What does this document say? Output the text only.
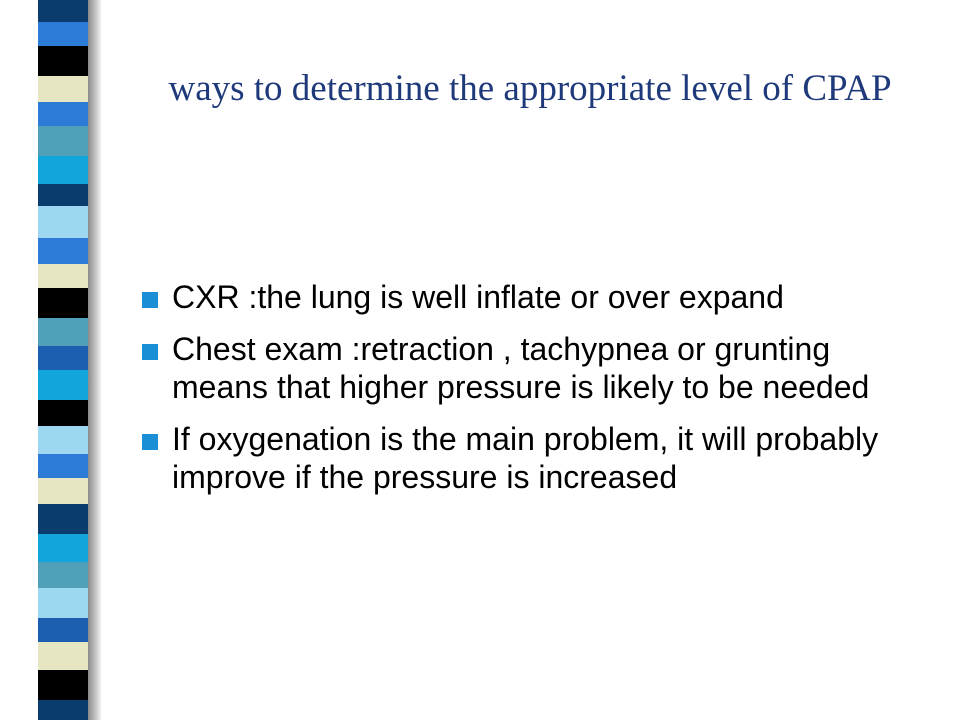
ways to determine the appropriate level of CPAP
CXR :the lung is well inflate or over expand
Chest exam :retraction , tachypnea or grunting means that higher pressure is likely to be needed
If oxygenation is the main problem, it will probably improve if the pressure is increased
